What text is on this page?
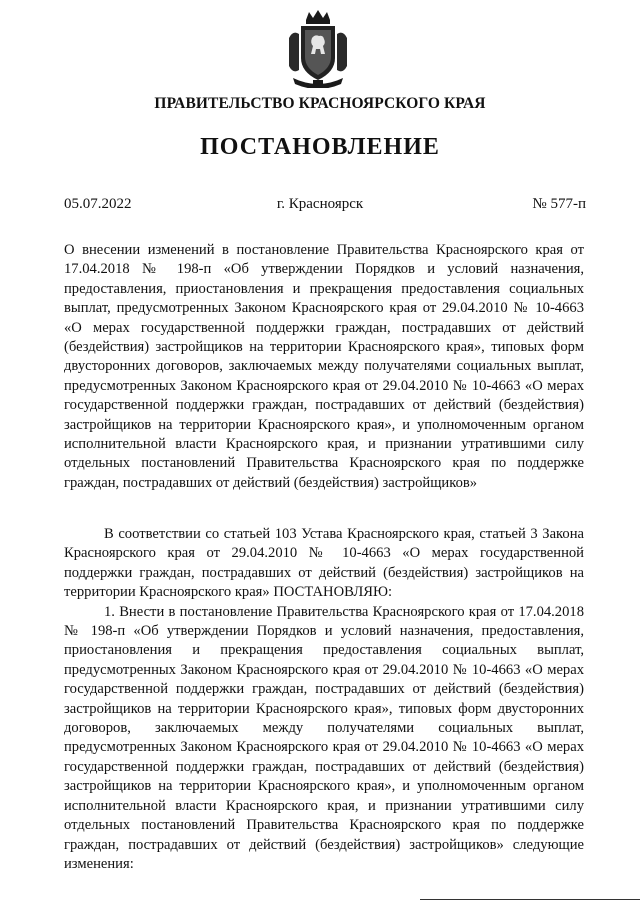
ПРАВИТЕЛЬСТВО КРАСНОЯРСКОГО КРАЯ
ПОСТАНОВЛЕНИЕ
05.07.2022	г. Красноярск	№ 577-п

О внесении изменений в постановление Правительства Красноярского края от 17.04.2018 № 198-п «Об утверждении Порядков и условий назначения, предоставления, приостановления и прекращения предоставления социальных выплат, предусмотренных Законом Красноярского края от 29.04.2010 № 10-4663 «О мерах государственной поддержки граждан, пострадавших от действий (бездействия) застройщиков на территории Красноярского края», типовых форм двусторонних договоров, заключаемых между получателями социальных выплат, предусмотренных Законом Красноярского края от 29.04.2010 № 10-4663 «О мерах государственной поддержки граждан, пострадавших от действий (бездействия) застройщиков на территории Красноярского края», и уполномоченным органом исполнительной власти Красноярского края, и признании утратившими силу отдельных постановлений Правительства Красноярского края по поддержке граждан, пострадавших от действий (бездействия) застройщиков»

В соответствии со статьей 103 Устава Красноярского края, статьей 3 Закона Красноярского края от 29.04.2010 № 10-4663 «О мерах государственной поддержки граждан, пострадавших от действий (бездействия) застройщиков на территории Красноярского края» ПОСТАНОВЛЯЮ:

1. Внести в постановление Правительства Красноярского края от 17.04.2018 № 198-п «Об утверждении Порядков и условий назначения, предоставления, приостановления и прекращения предоставления социальных выплат, предусмотренных Законом Красноярского края от 29.04.2010 № 10-4663 «О мерах государственной поддержки граждан, пострадавших от действий (бездействия) застройщиков на территории Красноярского края», типовых форм двусторонних договоров, заключаемых между получателями социальных выплат, предусмотренных Законом Красноярского края от 29.04.2010 № 10-4663 «О мерах государственной поддержки граждан, пострадавших от действий (бездействия) застройщиков на территории Красноярского края», и уполномоченным органом исполнительной власти Красноярского края, и признании утратившими силу отдельных постановлений Правительства Красноярского края по поддержке граждан, пострадавших от действий (бездействия) застройщиков» следующие изменения:
